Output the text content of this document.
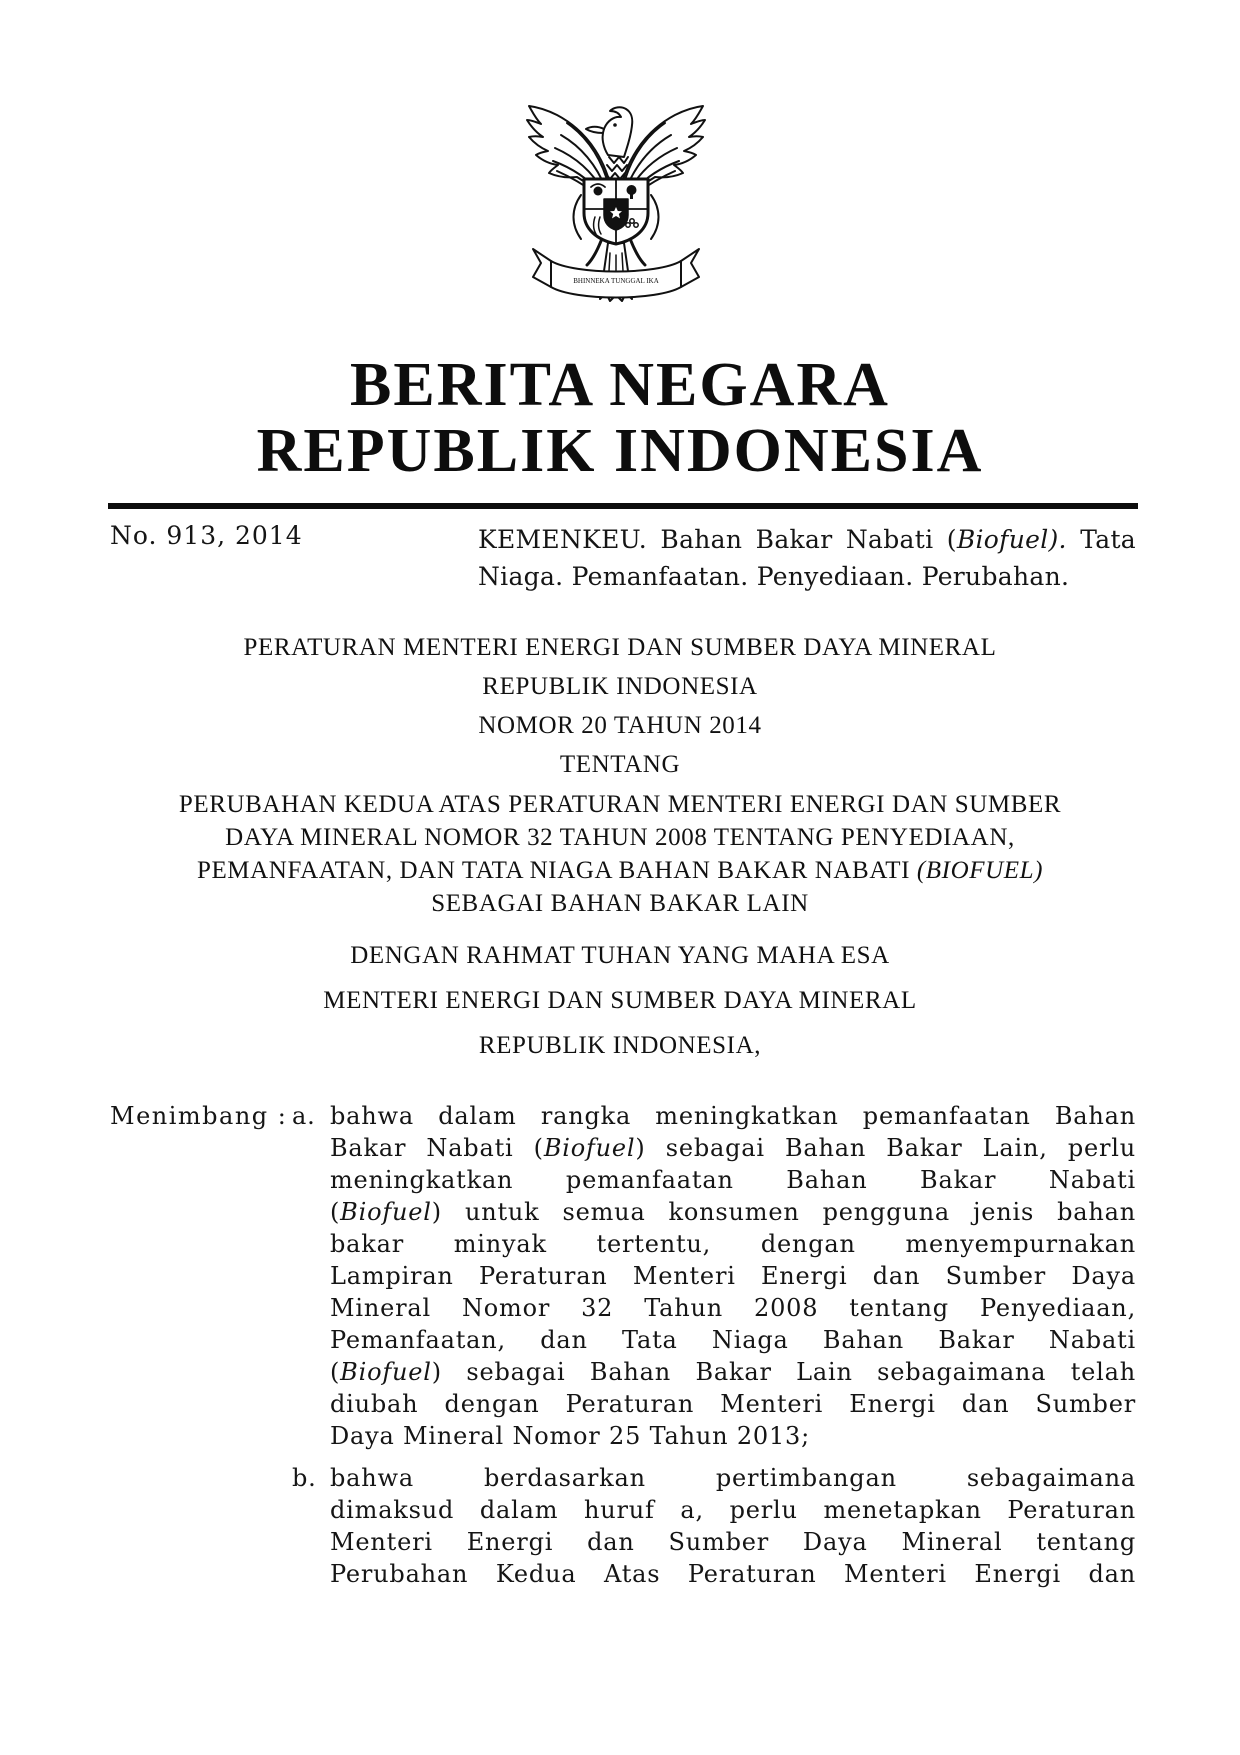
BHINNEKA TUNGGAL IKA
BERITA NEGARA
REPUBLIK INDONESIA
No. 913, 2014	KEMENKEU. Bahan Bakar Nabati (Biofuel). Tata
Niaga. Pemanfaatan. Penyediaan. Perubahan.
PERATURAN MENTERI ENERGI DAN SUMBER DAYA MINERAL
REPUBLIK INDONESIA
NOMOR 20 TAHUN 2014
TENTANG
PERUBAHAN KEDUA ATAS PERATURAN MENTERI ENERGI DAN SUMBER
DAYA MINERAL NOMOR 32 TAHUN 2008 TENTANG PENYEDIAAN,
PEMANFAATAN, DAN TATA NIAGA BAHAN BAKAR NABATI (BIOFUEL)
SEBAGAI BAHAN BAKAR LAIN
DENGAN RAHMAT TUHAN YANG MAHA ESA
MENTERI ENERGI DAN SUMBER DAYA MINERAL
REPUBLIK INDONESIA,
Menimbang : a. bahwa dalam rangka meningkatkan pemanfaatan Bahan
Bakar Nabati (Biofuel) sebagai Bahan Bakar Lain, perlu
meningkatkan pemanfaatan Bahan Bakar Nabati
(Biofuel) untuk semua konsumen pengguna jenis bahan
bakar minyak tertentu, dengan menyempurnakan
Lampiran Peraturan Menteri Energi dan Sumber Daya
Mineral Nomor 32 Tahun 2008 tentang Penyediaan,
Pemanfaatan, dan Tata Niaga Bahan Bakar Nabati
(Biofuel) sebagai Bahan Bakar Lain sebagaimana telah
diubah dengan Peraturan Menteri Energi dan Sumber
Daya Mineral Nomor 25 Tahun 2013;
b. bahwa berdasarkan pertimbangan sebagaimana
dimaksud dalam huruf a, perlu menetapkan Peraturan
Menteri Energi dan Sumber Daya Mineral tentang
Perubahan Kedua Atas Peraturan Menteri Energi dan
